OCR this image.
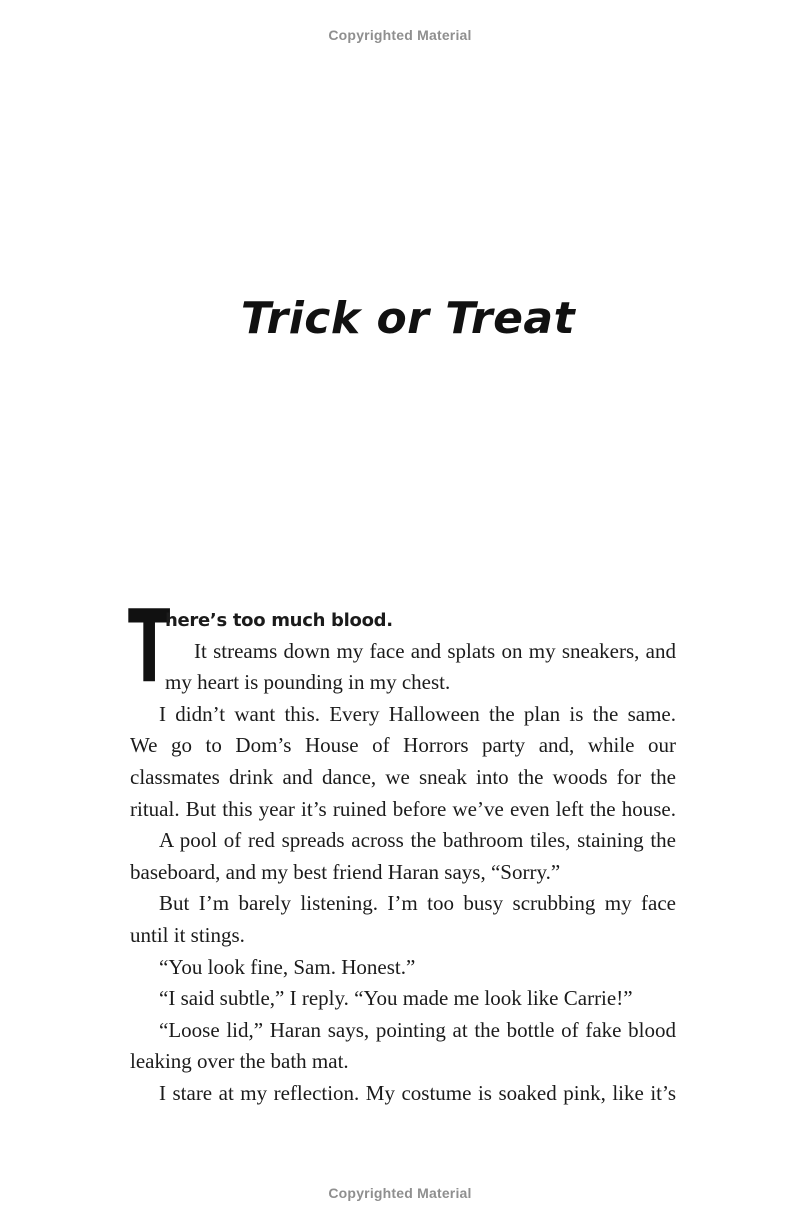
Copyrighted Material
Trick or Treat
T
here’s too much blood.
It streams down my face and splats on my sneakers, and
my heart is pounding in my chest.
I didn’t want this. Every Halloween the plan is the same.
We go to Dom’s House of Horrors party and, while our
classmates drink and dance, we sneak into the woods for the
ritual. But this year it’s ruined before we’ve even left the house.
A pool of red spreads across the bathroom tiles, staining the
baseboard, and my best friend Haran says, “Sorry.”
But I’m barely listening. I’m too busy scrubbing my face
until it stings.
“You look fine, Sam. Honest.”
“I said subtle,” I reply. “You made me look like Carrie!”
“Loose lid,” Haran says, pointing at the bottle of fake blood
leaking over the bath mat.
I stare at my reflection. My costume is soaked pink, like it’s
Copyrighted Material
